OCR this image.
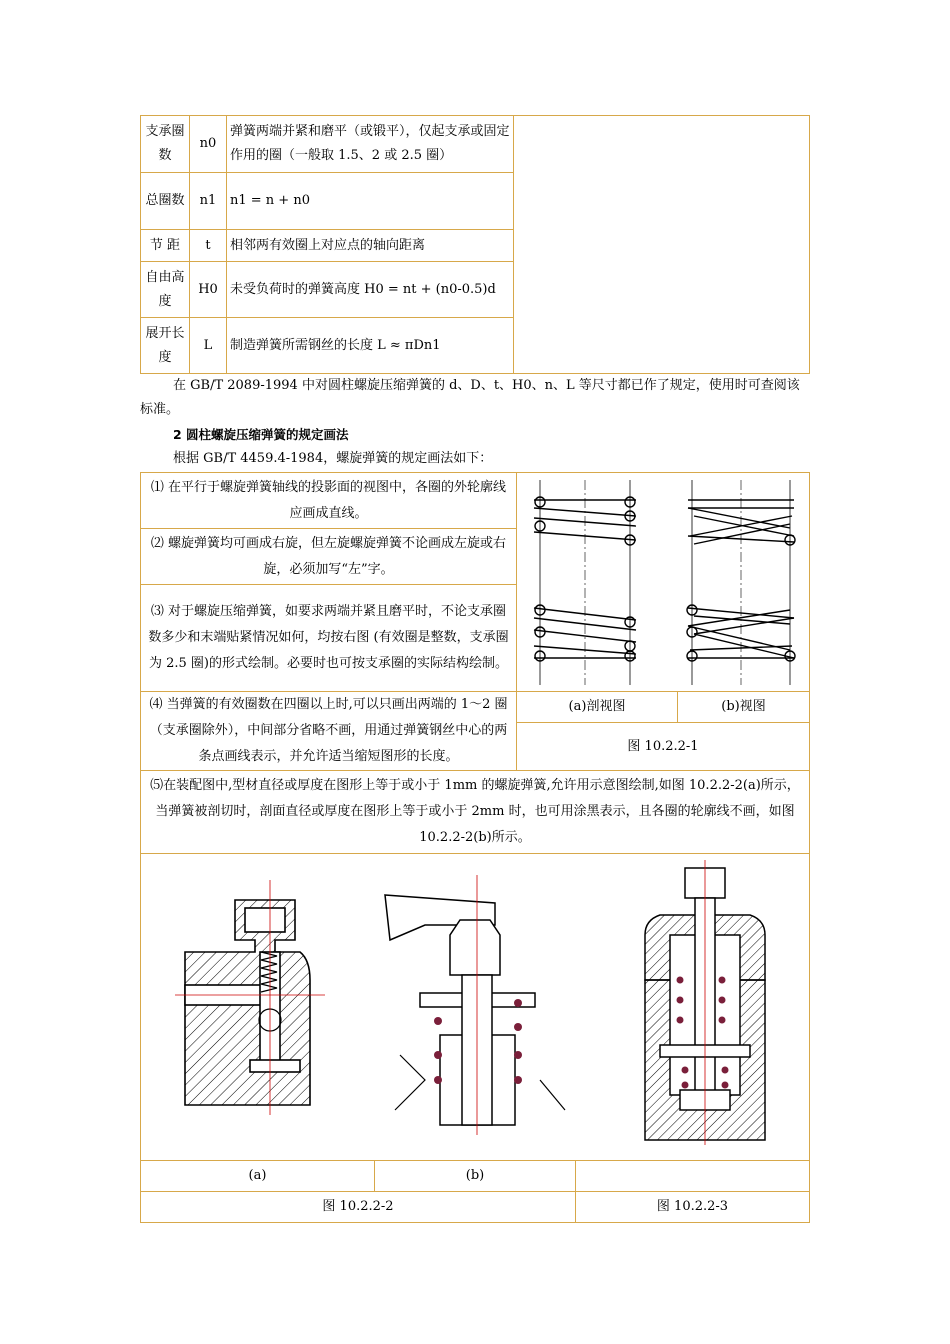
支承圈数	n0	弹簧两端并紧和磨平（或锻平），仅起支承或固定作用的圈（一般取 1.5、2 或 2.5 圈）	
总圈数	n1	n1 = n + n0	
节 距	t	相邻两有效圈上对应点的轴向距离	
自由高度	H0	未受负荷时的弹簧高度 H0 = nt + (n0-0.5)d	
展开长度	L	制造弹簧所需钢丝的长度 L ≈ πDn1	
在 GB/T 2089-1994 中对圆柱螺旋压缩弹簧的 d、D、t、H0、n、L 等尺寸都已作了规定，使用时可查阅该标准。
2 圆柱螺旋压缩弹簧的规定画法
根据 GB/T 4459.4-1984，螺旋弹簧的规定画法如下：
⑴ 在平行于螺旋弹簧轴线的投影面的视图中，各圈的外轮廓线应画成直线。
⑵ 螺旋弹簧均可画成右旋，但左旋螺旋弹簧不论画成左旋或右旋，必须加写“左”字。
⑶ 对于螺旋压缩弹簧，如要求两端并紧且磨平时，不论支承圈数多少和末端贴紧情况如何，均按右图 (有效圈是整数，支承圈为 2.5 圈)的形式绘制。必要时也可按支承圈的实际结构绘制。
⑷ 当弹簧的有效圈数在四圈以上时,可以只画出两端的 1～2 圈（支承圈除外），中间部分省略不画，用通过弹簧钢丝中心的两条点画线表示，并允许适当缩短图形的长度。
(a)剖视图	(b)视图
图 10.2.2-1
⑸在装配图中,型材直径或厚度在图形上等于或小于 1mm 的螺旋弹簧,允许用示意图绘制,如图 10.2.2-2(a)所示，当弹簧被剖切时，剖面直径或厚度在图形上等于或小于 2mm 时，也可用涂黑表示，且各圈的轮廓线不画，如图 10.2.2-2(b)所示。
(a)	(b)
图 10.2.2-2	图 10.2.2-3
